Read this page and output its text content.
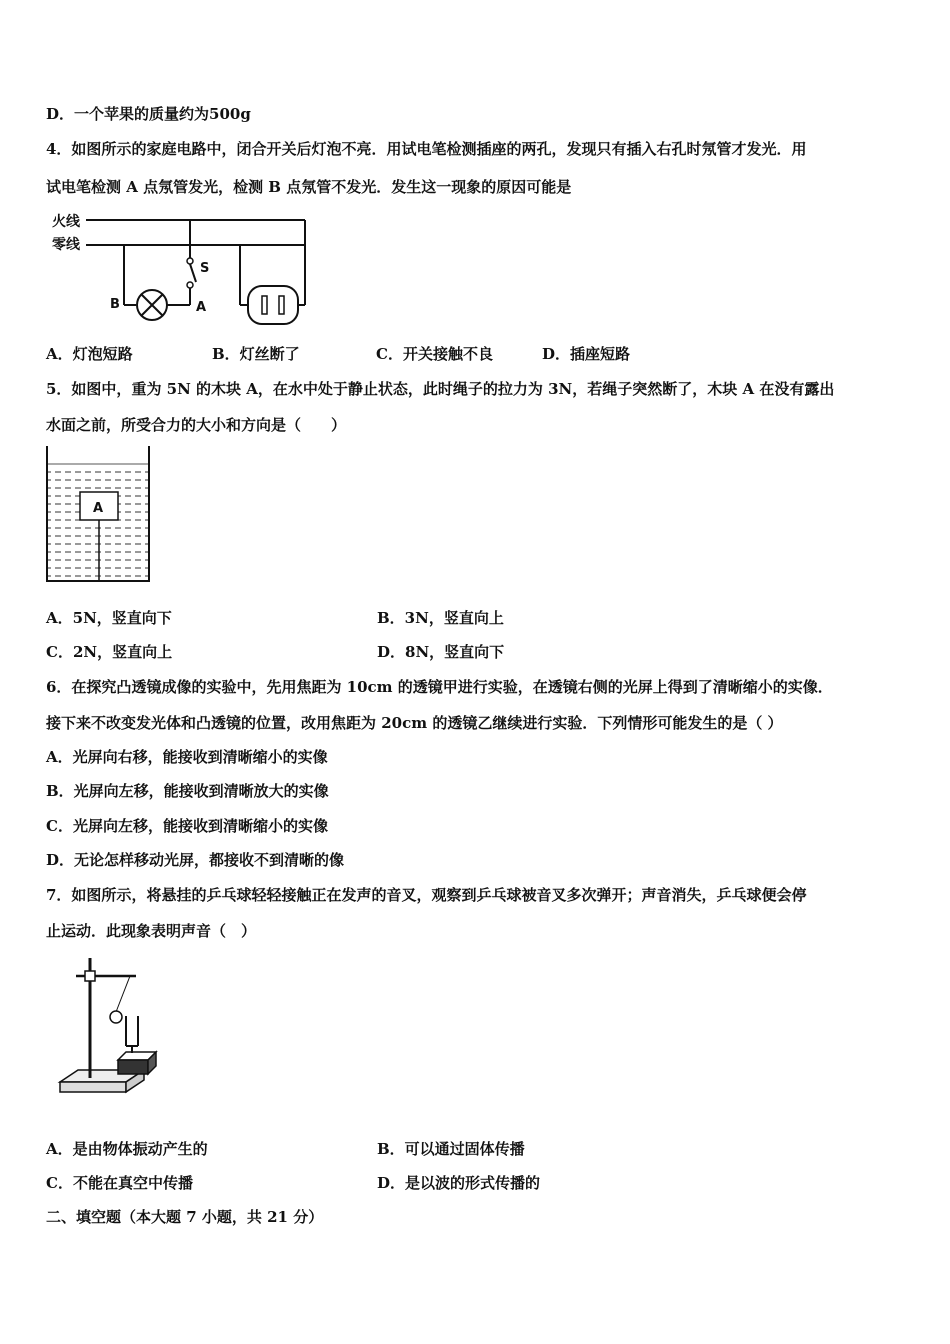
D．一个苹果的质量约为500g
4．如图所示的家庭电路中，闭合开关后灯泡不亮．用试电笔检测插座的两孔，发现只有插入右孔时氖管才发光．用
试电笔检测 A 点氖管发光，检测 B 点氖管不发光．发生这一现象的原因可能是
火线
零线
S
B	A
A．灯泡短路	B．灯丝断了	C．开关接触不良	D．插座短路
5．如图中，重为 5N 的木块 A，在水中处于静止状态，此时绳子的拉力为 3N，若绳子突然断了，木块 A 在没有露出
水面之前，所受合力的大小和方向是（　　）
A
A．5N，竖直向下	B．3N，竖直向上
C．2N，竖直向上	D．8N，竖直向下
6．在探究凸透镜成像的实验中，先用焦距为 10cm 的透镜甲进行实验，在透镜右侧的光屏上得到了清晰缩小的实像．
接下来不改变发光体和凸透镜的位置，改用焦距为 20cm 的透镜乙继续进行实验．下列情形可能发生的是（ ）
A．光屏向右移，能接收到清晰缩小的实像
B．光屏向左移，能接收到清晰放大的实像
C．光屏向左移，能接收到清晰缩小的实像
D．无论怎样移动光屏，都接收不到清晰的像
7．如图所示，将悬挂的乒乓球轻轻接触正在发声的音叉，观察到乒乓球被音叉多次弹开；声音消失，乒乓球便会停
止运动．此现象表明声音（　）
A．是由物体振动产生的	B．可以通过固体传播
C．不能在真空中传播	D．是以波的形式传播的
二、填空题（本大题 7 小题，共 21 分）
